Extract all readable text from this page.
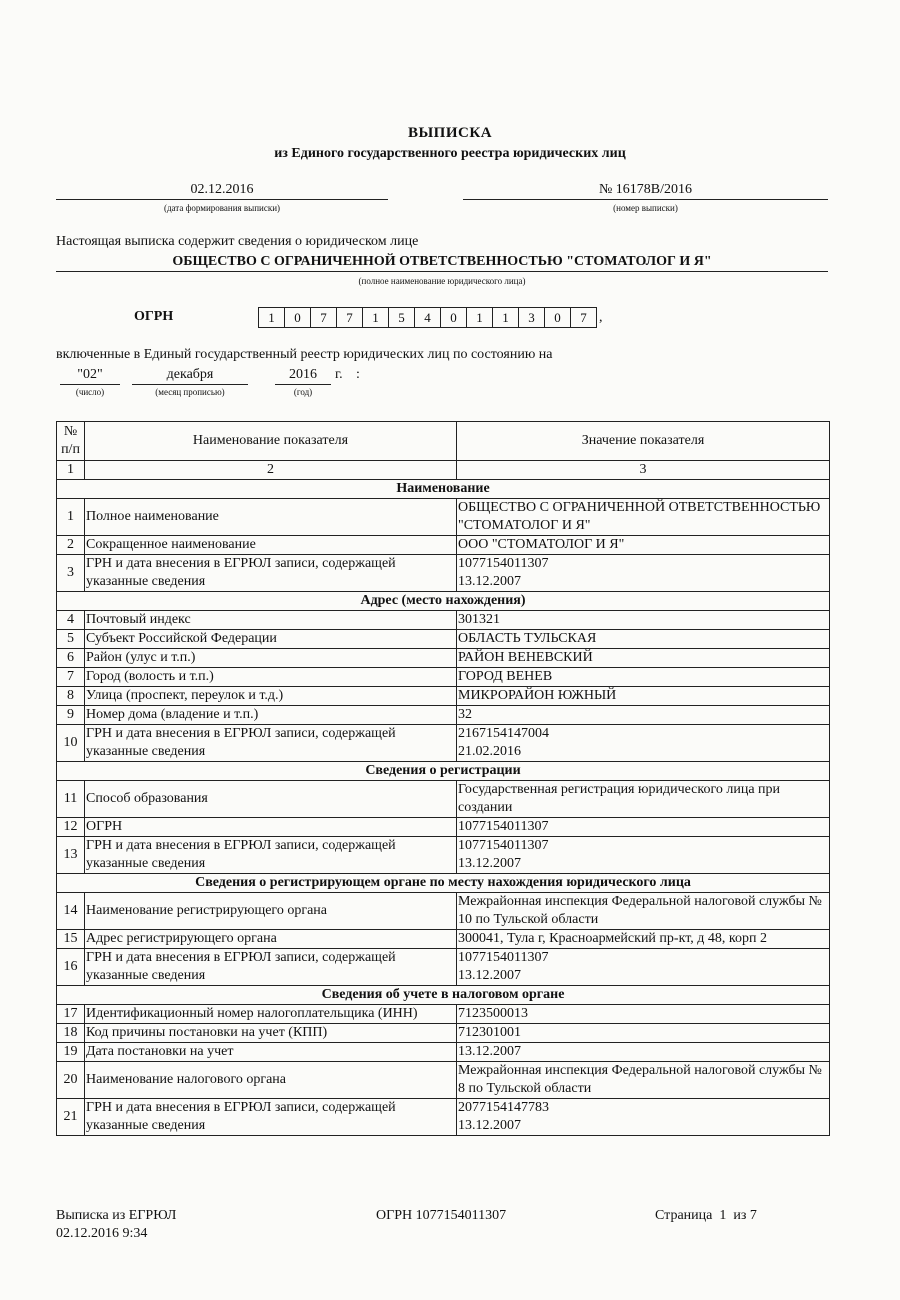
ВЫПИСКА
из Единого государственного реестра юридических лиц
02.12.2016
(дата формирования выписки)
№ 16178В/2016
(номер выписки)
Настоящая выписка содержит сведения о юридическом лице
ОБЩЕСТВО С ОГРАНИЧЕННОЙ ОТВЕТСТВЕННОСТЬЮ "СТОМАТОЛОГ И Я"
(полное наименование юридического лица)
ОГРН	1	0	7	7	1	5	4	0	1	1	3	0	7 ,
включенные в Единый государственный реестр юридических лиц по состоянию на
"02"	декабря	2016	г. :
(число)	(месяц прописью)	(год)
№ п/п	Наименование показателя	Значение показателя
1	2	3
Наименование		
1	Полное наименование	ОБЩЕСТВО С ОГРАНИЧЕННОЙ ОТВЕТСТВЕННОСТЬЮ "СТОМАТОЛОГ И Я"
2	Сокращенное наименование	ООО "СТОМАТОЛОГ И Я"
3	ГРН и дата внесения в ЕГРЮЛ записи, содержащей указанные сведения	1077154011307
13.12.2007
Адрес (место нахождения)		
4	Почтовый индекс	301321
5	Субъект Российской Федерации	ОБЛАСТЬ ТУЛЬСКАЯ
6	Район (улус и т.п.)	РАЙОН ВЕНЕВСКИЙ
7	Город (волость и т.п.)	ГОРОД ВЕНЕВ
8	Улица (проспект, переулок и т.д.)	МИКРОРАЙОН ЮЖНЫЙ
9	Номер дома (владение и т.п.)	32
10	ГРН и дата внесения в ЕГРЮЛ записи, содержащей указанные сведения	2167154147004
21.02.2016
Сведения о регистрации		
11	Способ образования	Государственная регистрация юридического лица при создании
12	ОГРН	1077154011307
13	ГРН и дата внесения в ЕГРЮЛ записи, содержащей указанные сведения	1077154011307
13.12.2007
Сведения о регистрирующем органе по месту нахождения юридического лица		
14	Наименование регистрирующего органа	Межрайонная инспекция Федеральной налоговой службы № 10 по Тульской области
15	Адрес регистрирующего органа	300041, Тула г, Красноармейский пр-кт, д 48, корп 2
16	ГРН и дата внесения в ЕГРЮЛ записи, содержащей указанные сведения	1077154011307
13.12.2007
Сведения об учете в налоговом органе		
17	Идентификационный номер налогоплательщика (ИНН)	7123500013
18	Код причины постановки на учет (КПП)	712301001
19	Дата постановки на учет	13.12.2007
20	Наименование налогового органа	Межрайонная инспекция Федеральной налоговой службы № 8 по Тульской области
21	ГРН и дата внесения в ЕГРЮЛ записи, содержащей указанные сведения	2077154147783
13.12.2007
Выписка из ЕГРЮЛ
02.12.2016 9:34
ОГРН 1077154011307	Страница  1  из 7
